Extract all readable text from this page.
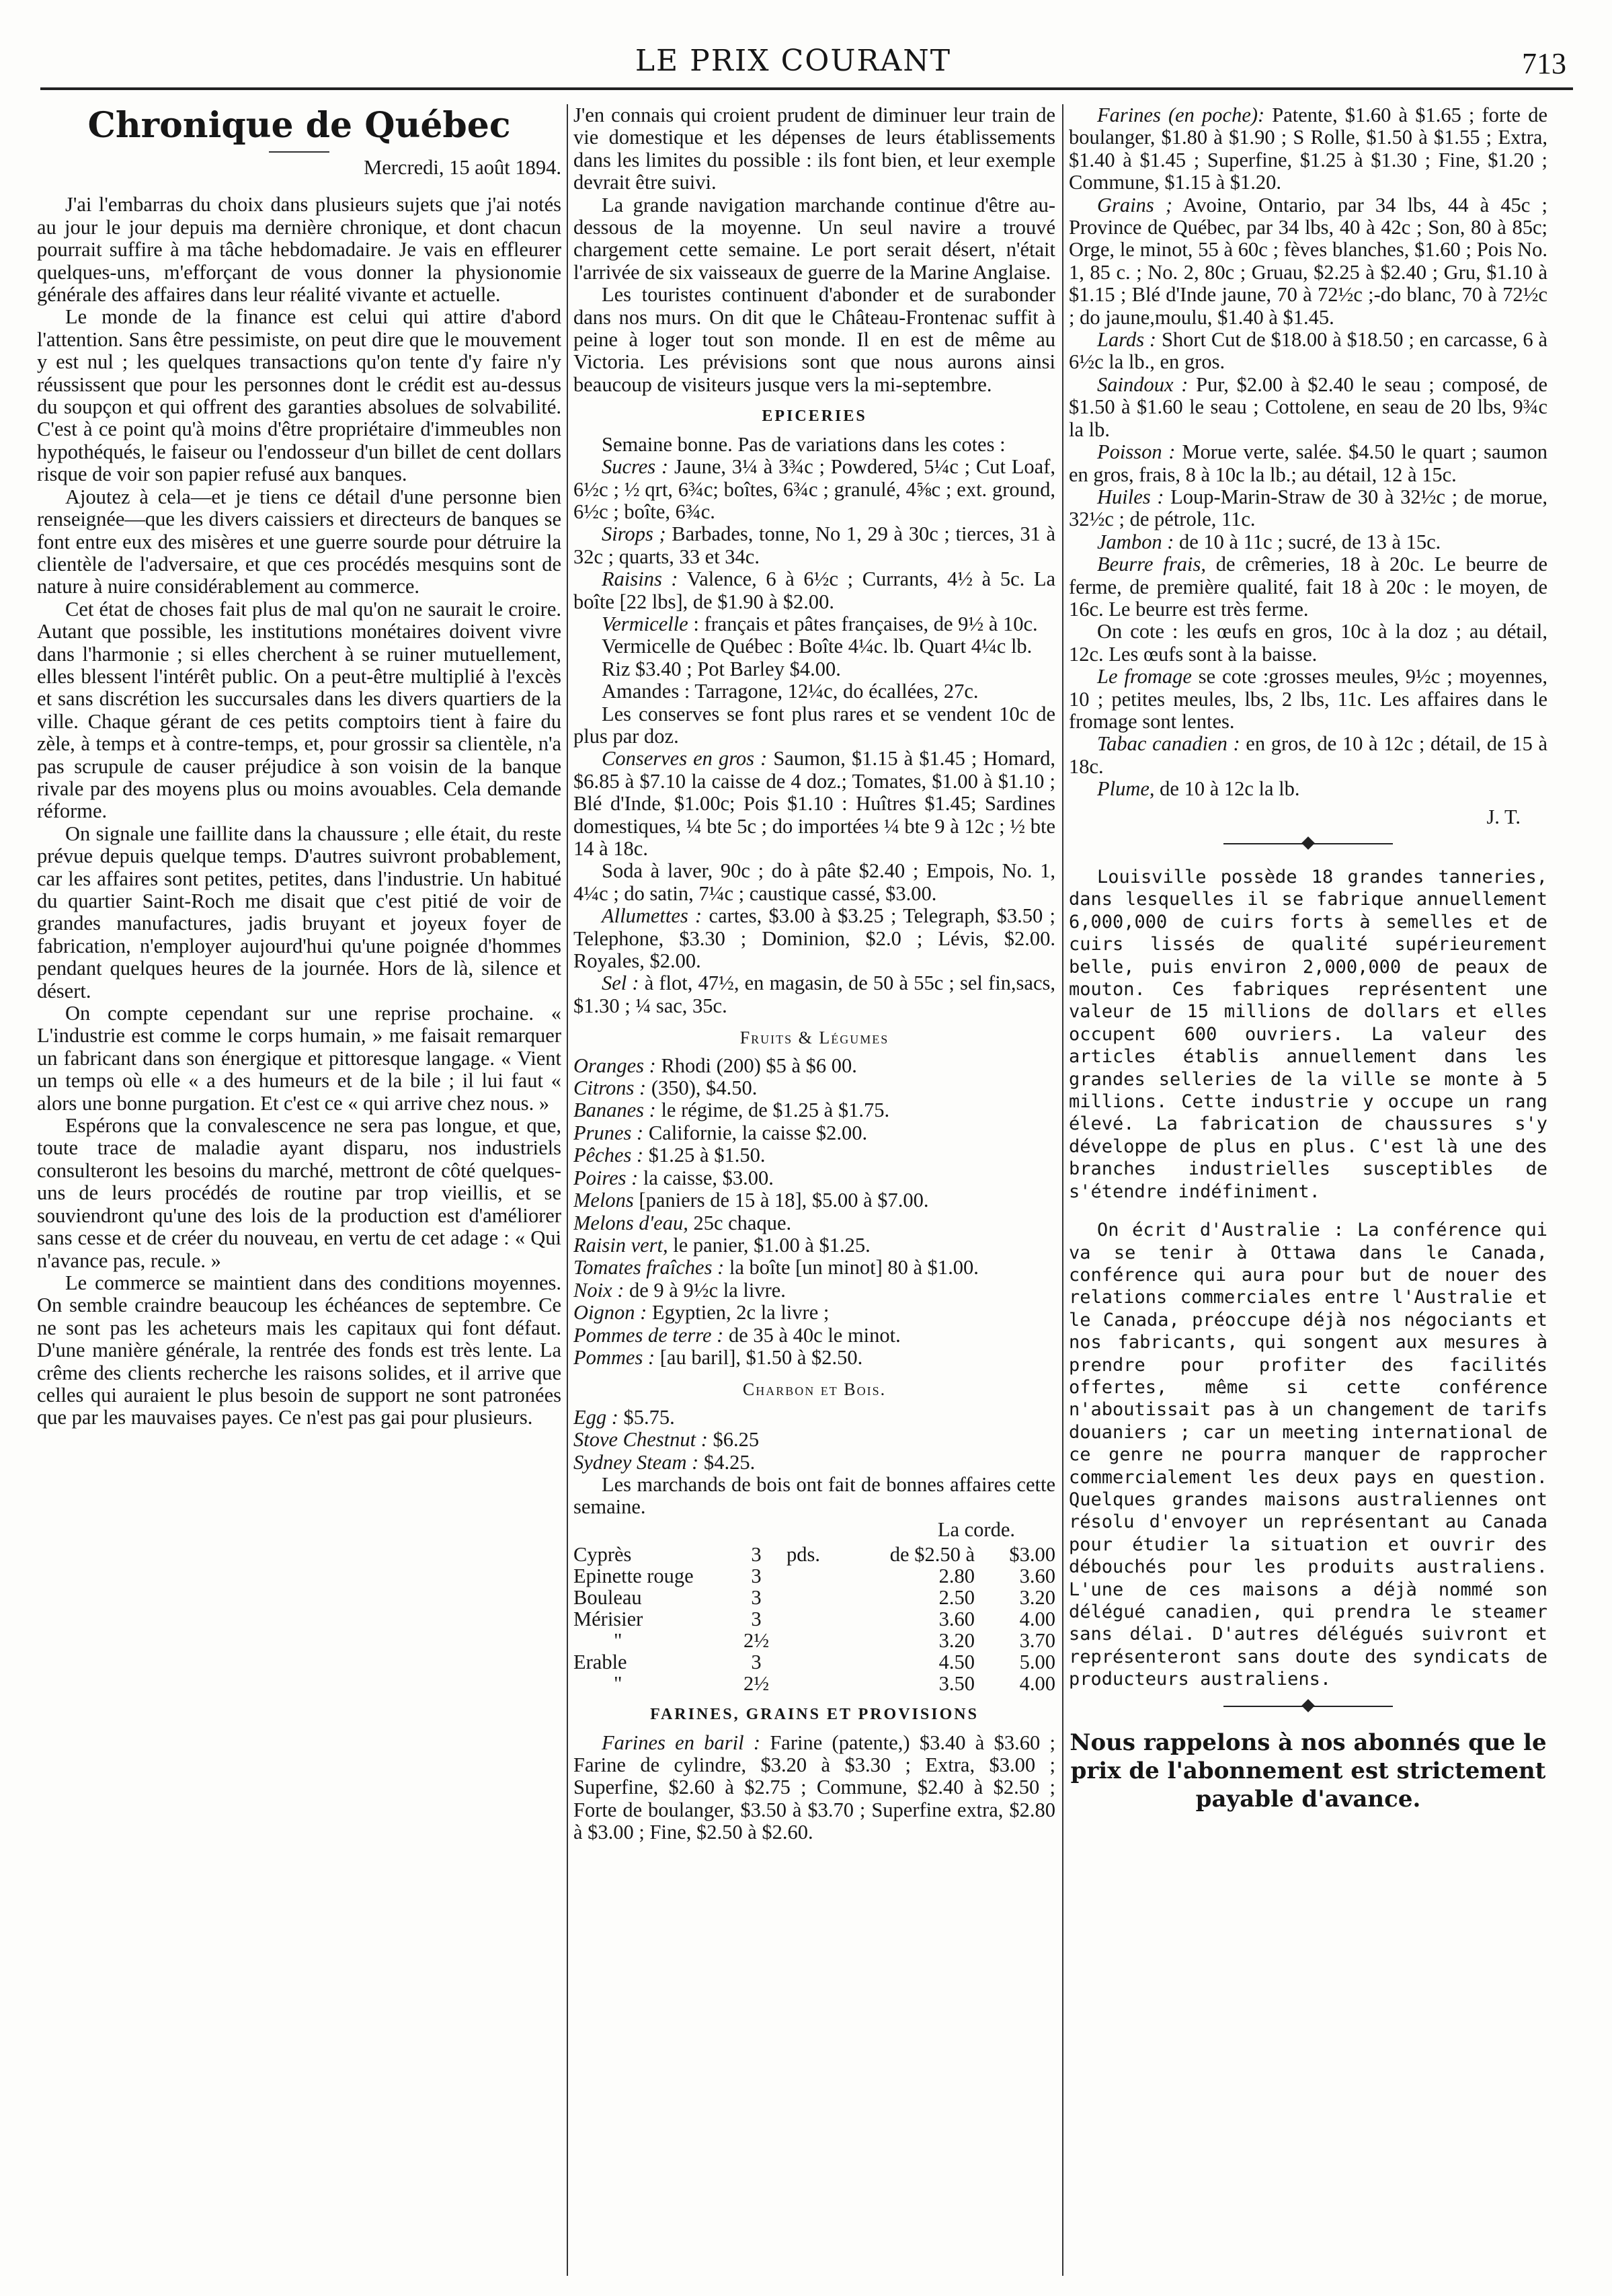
LE PRIX COURANT	713
Chronique de Québec
Mercredi, 15 août 1894.

J'ai l'embarras du choix dans plusieurs sujets que j'ai notés au jour le jour depuis ma dernière chronique, et dont chacun pourrait suffire à ma tâche hebdomadaire. Je vais en effleurer quelques-uns, m'efforçant de vous donner la physionomie générale des affaires dans leur réalité vivante et actuelle.

Le monde de la finance est celui qui attire d'abord l'attention. Sans être pessimiste, on peut dire que le mouvement y est nul ; les quelques transactions qu'on tente d'y faire n'y réussissent que pour les personnes dont le crédit est au-dessus du soupçon et qui offrent des garanties absolues de solvabilité. C'est à ce point qu'à moins d'être propriétaire d'immeubles non hypothéqués, le faiseur ou l'endosseur d'un billet de cent dollars risque de voir son papier refusé aux banques.

Ajoutez à cela—et je tiens ce détail d'une personne bien renseignée—que les divers caissiers et directeurs de banques se font entre eux des misères et une guerre sourde pour détruire la clientèle de l'adversaire, et que ces procédés mesquins sont de nature à nuire considérablement au commerce.

Cet état de choses fait plus de mal qu'on ne saurait le croire. Autant que possible, les institutions monétaires doivent vivre dans l'harmonie ; si elles cherchent à se ruiner mutuellement, elles blessent l'intérêt public. On a peut-être multiplié à l'excès et sans discrétion les succursales dans les divers quartiers de la ville. Chaque gérant de ces petits comptoirs tient à faire du zèle, à temps et à contre-temps, et, pour grossir sa clientèle, n'a pas scrupule de causer préjudice à son voisin de la banque rivale par des moyens plus ou moins avouables. Cela demande réforme.

On signale une faillite dans la chaussure ; elle était, du reste prévue depuis quelque temps. D'autres suivront probablement, car les affaires sont petites, petites, dans l'industrie. Un habitué du quartier Saint-Roch me disait que c'est pitié de voir de grandes manufactures, jadis bruyant et joyeux foyer de fabrication, n'employer aujourd'hui qu'une poignée d'hommes pendant quelques heures de la journée. Hors de là, silence et désert.

On compte cependant sur une reprise prochaine. « L'industrie est comme le corps humain, » me faisait remarquer un fabricant dans son énergique et pittoresque langage. « Vient un temps où elle « a des humeurs et de la bile ; il lui faut « alors une bonne purgation. Et c'est ce « qui arrive chez nous. »

Espérons que la convalescence ne sera pas longue, et que, toute trace de maladie ayant disparu, nos industriels consulteront les besoins du marché, mettront de côté quelques-uns de leurs procédés de routine par trop vieillis, et se souviendront qu'une des lois de la production est d'améliorer sans cesse et de créer du nouveau, en vertu de cet adage : « Qui n'avance pas, recule. »

Le commerce se maintient dans des conditions moyennes. On semble craindre beaucoup les échéances de septembre. Ce ne sont pas les acheteurs mais les capitaux qui font défaut. D'une manière générale, la rentrée des fonds est très lente. La crême des clients recherche les raisons solides, et il arrive que celles qui auraient le plus besoin de support ne sont patronées que par les mauvaises payes. Ce n'est pas gai pour plusieurs.

J'en connais qui croient prudent de diminuer leur train de vie domestique et les dépenses de leurs établissements dans les limites du possible : ils font bien, et leur exemple devrait être suivi.

La grande navigation marchande continue d'être au-dessous de la moyenne. Un seul navire a trouvé chargement cette semaine. Le port serait désert, n'était l'arrivée de six vaisseaux de guerre de la Marine Anglaise.

Les touristes continuent d'abonder et de surabonder dans nos murs. On dit que le Château-Frontenac suffit à peine à loger tout son monde. Il en est de même au Victoria. Les prévisions sont que nous aurons ainsi beaucoup de visiteurs jusque vers la mi-septembre.

EPICERIES

Semaine bonne. Pas de variations dans les cotes :

Sucres : Jaune, 3¼ à 3¾c ; Powdered, 5¼c ; Cut Loaf, 6½c ; ½ qrt, 6¾c; boîtes, 6¾c ; granulé, 4⅝c ; ext. ground, 6½c ; boîte, 6¾c.

Sirops ; Barbades, tonne, No 1, 29 à 30c ; tierces, 31 à 32c ; quarts, 33 et 34c.

Raisins : Valence, 6 à 6½c ; Currants, 4½ à 5c. La boîte [22 lbs], de $1.90 à $2.00.

Vermicelle : français et pâtes françaises, de 9½ à 10c.

Vermicelle de Québec : Boîte 4¼c. lb. Quart 4¼c lb.

Riz $3.40 ; Pot Barley $4.00.

Amandes : Tarragone, 12¼c, do écallées, 27c.

Les conserves se font plus rares et se vendent 10c de plus par doz.

Conserves en gros : Saumon, $1.15 à $1.45 ; Homard, $6.85 à $7.10 la caisse de 4 doz.; Tomates, $1.00 à $1.10 ; Blé d'Inde, $1.00c; Pois $1.10 : Huîtres $1.45; Sardines domestiques, ¼ bte 5c ; do importées ¼ bte 9 à 12c ; ½ bte 14 à 18c.

Soda à laver, 90c ; do à pâte $2.40 ; Empois, No. 1, 4¼c ; do satin, 7¼c ; caustique cassé, $3.00.

Allumettes : cartes, $3.00 à $3.25 ; Telegraph, $3.50 ; Telephone, $3.30 ; Dominion, $2.0 ; Lévis, $2.00. Royales, $2.00.

Sel : à flot, 47½, en magasin, de 50 à 55c ; sel fin,sacs, $1.30 ; ¼ sac, 35c.

Fruits & Légumes

Oranges : Rhodi (200) $5 à $6 00.

Citrons : (350), $4.50.

Bananes : le régime, de $1.25 à $1.75.

Prunes : Californie, la caisse $2.00.

Pêches : $1.25 à $1.50.

Poires : la caisse, $3.00.

Melons [paniers de 15 à 18], $5.00 à $7.00.

Melons d'eau, 25c chaque.

Raisin vert, le panier, $1.00 à $1.25.

Tomates fraîches : la boîte [un minot] 80 à $1.00.

Noix : de 9 à 9½c la livre.

Oignon : Egyptien, 2c la livre ;

Pommes de terre : de 35 à 40c le minot.

Pommes : [au baril], $1.50 à $2.50.

Charbon et Bois.

Egg : $5.75.

Stove Chestnut : $6.25

Sydney Steam : $4.25.

Les marchands de bois ont fait de bonnes affaires cette semaine.

La corde.
Cyprès	3	pds.	de $2.50 à	$3.00
Epinette rouge	3		2.80	3.60
Bouleau	3		2.50	3.20
Mérisier	3		3.60	4.00
"	2½		3.20	3.70
Erable	3		4.50	5.00
"	2½		3.50	4.00
FARINES, GRAINS ET PROVISIONS

Farines en baril : Farine (patente,) $3.40 à $3.60 ; Farine de cylindre, $3.20 à $3.30 ; Extra, $3.00 ; Superfine, $2.60 à $2.75 ; Commune, $2.40 à $2.50 ; Forte de boulanger, $3.50 à $3.70 ; Superfine extra, $2.80 à $3.00 ; Fine, $2.50 à $2.60.

Farines (en poche): Patente, $1.60 à $1.65 ; forte de boulanger, $1.80 à $1.90 ; S Rolle, $1.50 à $1.55 ; Extra, $1.40 à $1.45 ; Superfine, $1.25 à $1.30 ; Fine, $1.20 ; Commune, $1.15 à $1.20.

Grains ; Avoine, Ontario, par 34 lbs, 44 à 45c ; Province de Québec, par 34 lbs, 40 à 42c ; Son, 80 à 85c; Orge, le minot, 55 à 60c ; fèves blanches, $1.60 ; Pois No. 1, 85 c. ; No. 2, 80c ; Gruau, $2.25 à $2.40 ; Gru, $1.10 à $1.15 ; Blé d'Inde jaune, 70 à 72½c ;-do blanc, 70 à 72½c ; do jaune,moulu, $1.40 à $1.45.

Lards : Short Cut de $18.00 à $18.50 ; en carcasse, 6 à 6½c la lb., en gros.

Saindoux : Pur, $2.00 à $2.40 le seau ; composé, de $1.50 à $1.60 le seau ; Cottolene, en seau de 20 lbs, 9¾c la lb.

Poisson : Morue verte, salée. $4.50 le quart ; saumon en gros, frais, 8 à 10c la lb.; au détail, 12 à 15c.

Huiles : Loup-Marin-Straw de 30 à 32½c ; de morue, 32½c ; de pétrole, 11c.

Jambon : de 10 à 11c ; sucré, de 13 à 15c.

Beurre frais, de crêmeries, 18 à 20c. Le beurre de ferme, de première qualité, fait 18 à 20c : le moyen, de 16c. Le beurre est très ferme.

On cote : les œufs en gros, 10c à la doz ; au détail, 12c. Les œufs sont à la baisse.

Le fromage se cote :grosses meules, 9½c ; moyennes, 10 ; petites meules, lbs, 2 lbs, 11c. Les affaires dans le fromage sont lentes.

Tabac canadien : en gros, de 10 à 12c ; détail, de 15 à 18c.

Plume, de 10 à 12c la lb.

J. T.

Louisville possède 18 grandes tanneries, dans lesquelles il se fabrique annuellement 6,000,000 de cuirs forts à semelles et de cuirs lissés de qualité supérieurement belle, puis environ 2,000,000 de peaux de mouton. Ces fabriques représentent une valeur de 15 millions de dollars et elles occupent 600 ouvriers. La valeur des articles établis annuellement dans les grandes selleries de la ville se monte à 5 millions. Cette industrie y occupe un rang élevé. La fabrication de chaussures s'y développe de plus en plus. C'est là une des branches industrielles susceptibles de s'étendre indéfiniment.

On écrit d'Australie : La conférence qui va se tenir à Ottawa dans le Canada, conférence qui aura pour but de nouer des relations commerciales entre l'Australie et le Canada, préoccupe déjà nos négociants et nos fabricants, qui songent aux mesures à prendre pour profiter des facilités offertes, même si cette conférence n'aboutissait pas à un changement de tarifs douaniers ; car un meeting international de ce genre ne pourra manquer de rapprocher commercialement les deux pays en question. Quelques grandes maisons australiennes ont résolu d'envoyer un représentant au Canada pour étudier la situation et ouvrir des débouchés pour les produits australiens. L'une de ces maisons a déjà nommé son délégué canadien, qui prendra le steamer sans délai. D'autres délégués suivront et représenteront sans doute des syndicats de producteurs australiens.

Nous rappelons à nos abonnés que le prix de l'abonnement est strictement payable d'avance.
